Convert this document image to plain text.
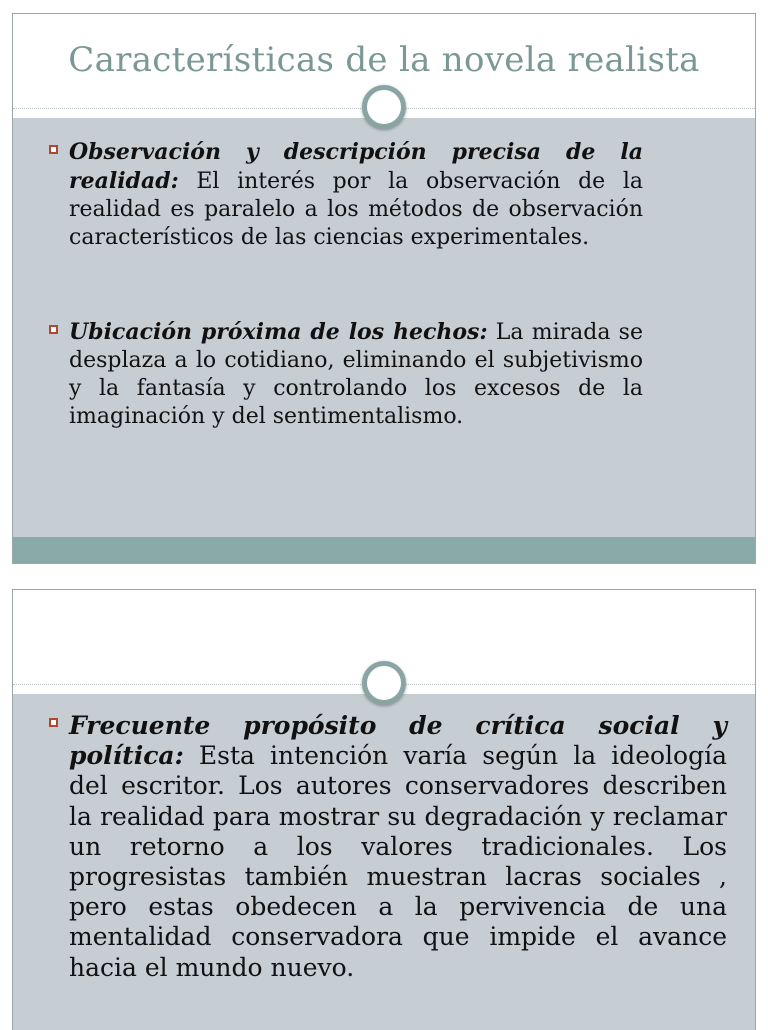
Características de la novela realista
Observación y descripción precisa de la realidad: El interés por la observación de la realidad es paralelo a los métodos de observación característicos de las ciencias experimentales.
Ubicación próxima de los hechos: La mirada se desplaza a lo cotidiano, eliminando el subjetivismo y la fantasía y controlando los excesos de la imaginación y del sentimentalismo.
Frecuente propósito de crítica social y política: Esta intención varía según la ideología del escritor. Los autores conservadores describen la realidad para mostrar su degradación y reclamar un retorno a los valores tradicionales. Los progresistas también muestran lacras sociales , pero estas obedecen a la pervivencia de una mentalidad conservadora que impide el avance hacia el mundo nuevo.
